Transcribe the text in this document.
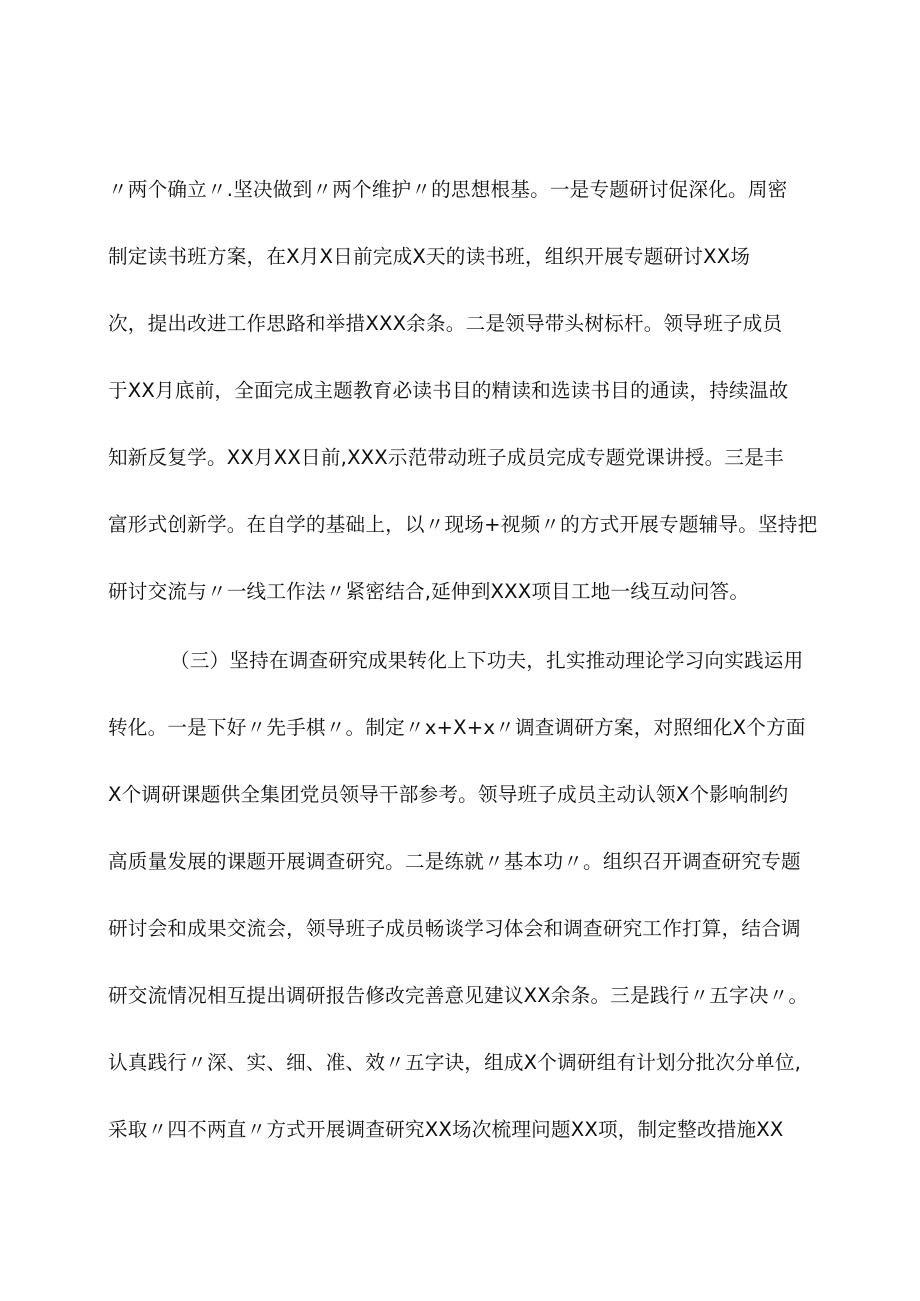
〃两个确立〃.坚决做到〃两个维护〃的思想根基。一是专题研讨促深化。周密
制定读书班方案，在X月X日前完成X天的读书班，组织开展专题研讨XX场
次，提出改进工作思路和举措XXX余条。二是领导带头树标杆。领导班子成员
于XX月底前，全面完成主题教育必读书目的精读和选读书目的通读，持续温故
知新反复学。XX月XX日前,XXX示范带动班子成员完成专题党课讲授。三是丰
富形式创新学。在自学的基础上，以〃现场+视频〃的方式开展专题辅导。坚持把
研讨交流与〃一线工作法〃紧密结合,延伸到XXX项目工地一线互动问答。
（三）坚持在调查研究成果转化上下功夫，扎实推动理论学习向实践运用
转化。一是下好〃先手棋〃。制定〃x+X+x〃调查调研方案，对照细化X个方面
X个调研课题供全集团党员领导干部参考。领导班子成员主动认领X个影响制约
高质量发展的课题开展调查研究。二是练就〃基本功〃。组织召开调查研究专题
研讨会和成果交流会，领导班子成员畅谈学习体会和调查研究工作打算，结合调
研交流情况相互提出调研报告修改完善意见建议XX余条。三是践行〃五字决〃。
认真践行〃深、实、细、准、效〃五字诀，组成X个调研组有计划分批次分单位,
采取〃四不两直〃方式开展调查研究XX场次梳理问题XX项，制定整改措施XX
